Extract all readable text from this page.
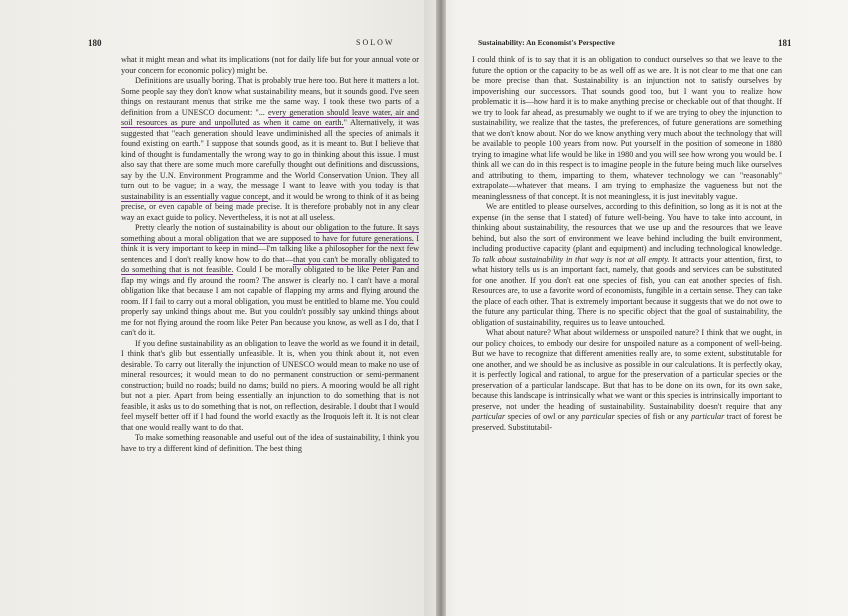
180	SOLOW

what it might mean and what its implications (not for daily life but for your annual vote or your concern for economic policy) might be.

Definitions are usually boring. That is probably true here too. But here it matters a lot. Some people say they don't know what sustainability means, but it sounds good. I've seen things on restaurant menus that strike me the same way. I took these two parts of a definition from a UNESCO document: "... every generation should leave water, air and soil resources as pure and unpolluted as when it came on earth." Alternatively, it was suggested that "each generation should leave undiminished all the species of animals it found existing on earth." I suppose that sounds good, as it is meant to. But I believe that kind of thought is fundamentally the wrong way to go in thinking about this issue. I must also say that there are some much more carefully thought out definitions and discussions, say by the U.N. Environment Programme and the World Conservation Union. They all turn out to be vague; in a way, the message I want to leave with you today is that sustainability is an essentially vague concept, and it would be wrong to think of it as being precise, or even capable of being made precise. It is therefore probably not in any clear way an exact guide to policy. Nevertheless, it is not at all useless.

Pretty clearly the notion of sustainability is about our obligation to the future. It says something about a moral obligation that we are supposed to have for future generations. I think it is very important to keep in mind—I'm talking like a philosopher for the next few sentences and I don't really know how to do that—that you can't be morally obligated to do something that is not feasible. Could I be morally obligated to be like Peter Pan and flap my wings and fly around the room? The answer is clearly no. I can't have a moral obligation like that because I am not capable of flapping my arms and flying around the room. If I fail to carry out a moral obligation, you must be entitled to blame me. You could properly say unkind things about me. But you couldn't possibly say unkind things about me for not flying around the room like Peter Pan because you know, as well as I do, that I can't do it.

If you define sustainability as an obligation to leave the world as we found it in detail, I think that's glib but essentially unfeasible. It is, when you think about it, not even desirable. To carry out literally the injunction of UNESCO would mean to make no use of mineral resources; it would mean to do no permanent construction or semi-permanent construction; build no roads; build no dams; build no piers. A mooring would be all right but not a pier. Apart from being essentially an injunction to do something that is not feasible, it asks us to do something that is not, on reflection, desirable. I doubt that I would feel myself better off if I had found the world exactly as the Iroquois left it. It is not clear that one would really want to do that.

To make something reasonable and useful out of the idea of sustainability, I think you have to try a different kind of definition. The best thing

Sustainability: An Economist's Perspective	181

I could think of is to say that it is an obligation to conduct ourselves so that we leave to the future the option or the capacity to be as well off as we are. It is not clear to me that one can be more precise than that. Sustainability is an injunction not to satisfy ourselves by impoverishing our successors. That sounds good too, but I want you to realize how problematic it is—how hard it is to make anything precise or checkable out of that thought. If we try to look far ahead, as presumably we ought to if we are trying to obey the injunction to sustainability, we realize that the tastes, the preferences, of future generations are something that we don't know about. Nor do we know anything very much about the technology that will be available to people 100 years from now. Put yourself in the position of someone in 1880 trying to imagine what life would be like in 1980 and you will see how wrong you would be. I think all we can do in this respect is to imagine people in the future being much like ourselves and attributing to them, imparting to them, whatever technology we can "reasonably" extrapolate—whatever that means. I am trying to emphasize the vagueness but not the meaninglessness of that concept. It is not meaningless, it is just inevitably vague.

We are entitled to please ourselves, according to this definition, so long as it is not at the expense (in the sense that I stated) of future well-being. You have to take into account, in thinking about sustainability, the resources that we use up and the resources that we leave behind, but also the sort of environment we leave behind including the built environment, including productive capacity (plant and equipment) and including technological knowledge. To talk about sustainability in that way is not at all empty. It attracts your attention, first, to what history tells us is an important fact, namely, that goods and services can be substituted for one another. If you don't eat one species of fish, you can eat another species of fish. Resources are, to use a favorite word of economists, fungible in a certain sense. They can take the place of each other. That is extremely important because it suggests that we do not owe to the future any particular thing. There is no specific object that the goal of sustainability, the obligation of sustainability, requires us to leave untouched.

What about nature? What about wilderness or unspoiled nature? I think that we ought, in our policy choices, to embody our desire for unspoiled nature as a component of well-being. But we have to recognize that different amenities really are, to some extent, substitutable for one another, and we should be as inclusive as possible in our calculations. It is perfectly okay, it is perfectly logical and rational, to argue for the preservation of a particular species or the preservation of a particular landscape. But that has to be done on its own, for its own sake, because this landscape is intrinsically what we want or this species is intrinsically important to preserve, not under the heading of sustainability. Sustainability doesn't require that any particular species of owl or any particular species of fish or any particular tract of forest be preserved. Substitutabil-
